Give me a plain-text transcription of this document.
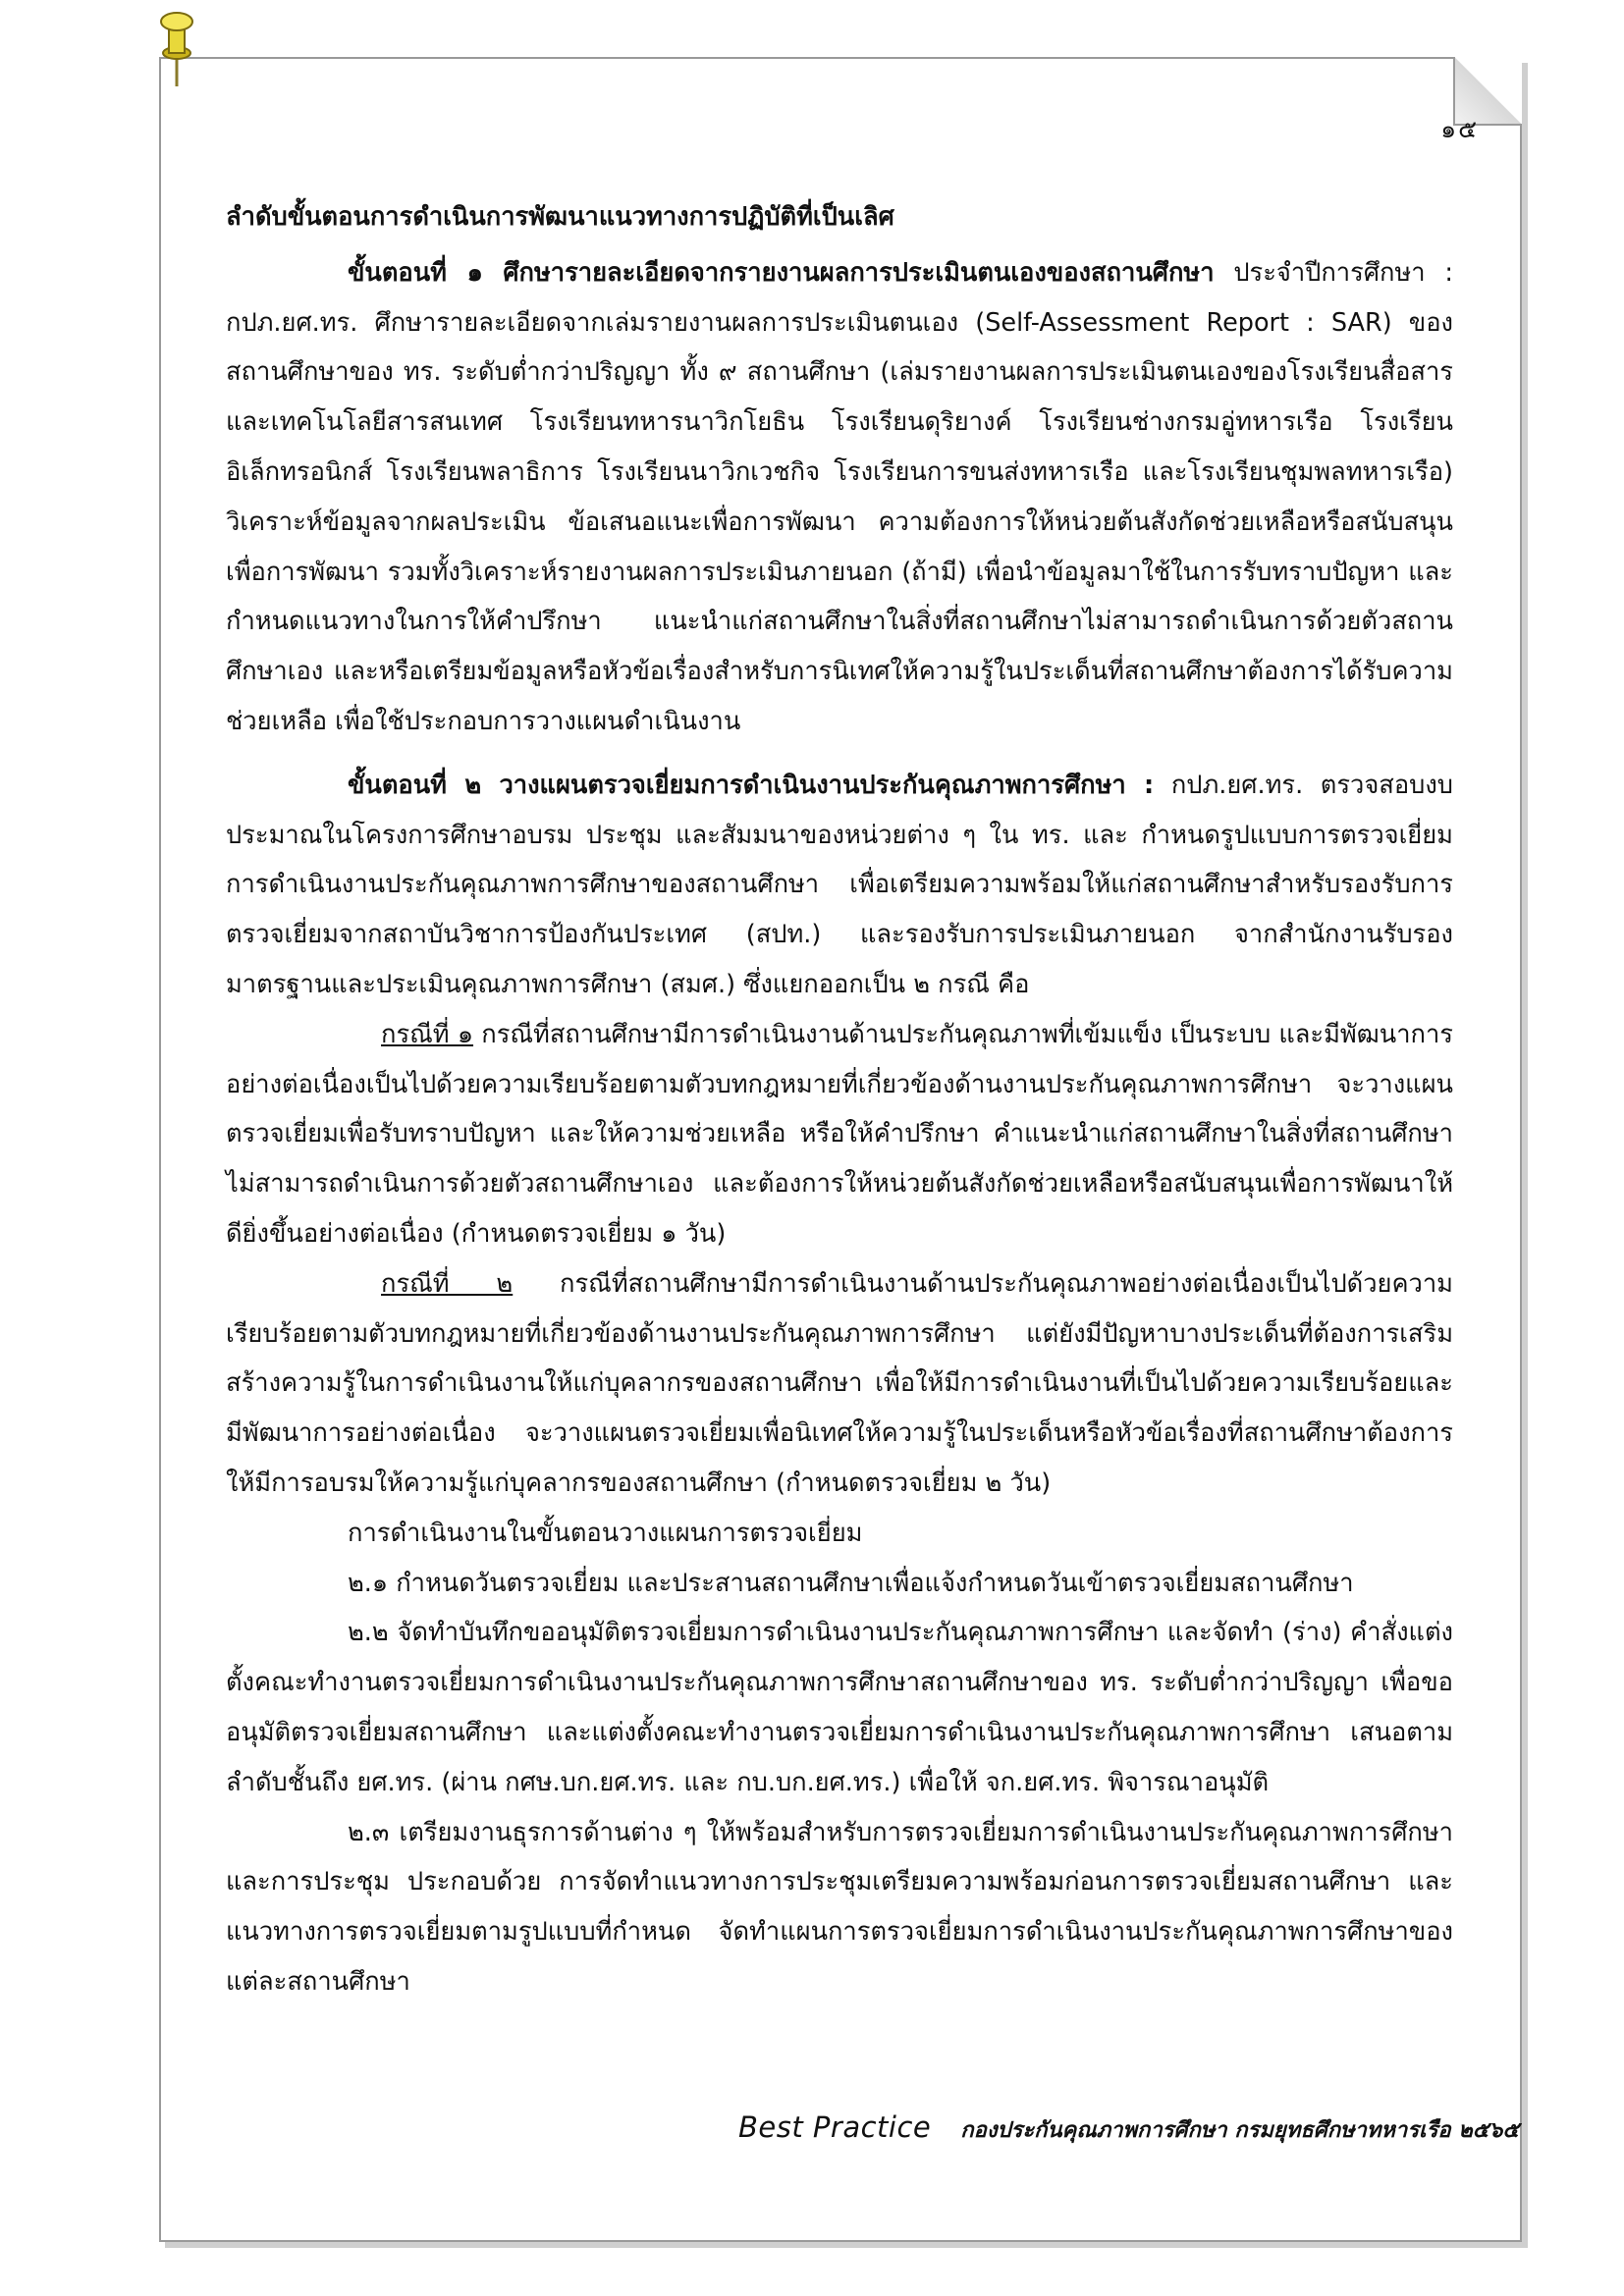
๑๕
ลำดับขั้นตอนการดำเนินการพัฒนาแนวทางการปฏิบัติที่เป็นเลิศ

ขั้นตอนที่ ๑ ศึกษารายละเอียดจากรายงานผลการประเมินตนเองของสถานศึกษา ประจำปีการศึกษา : กปภ.ยศ.ทร. ศึกษารายละเอียดจากเล่มรายงานผลการประเมินตนเอง (Self-Assessment Report : SAR) ของสถานศึกษาของ ทร. ระดับต่ำกว่าปริญญา ทั้ง ๙ สถานศึกษา (เล่มรายงานผลการประเมินตนเองของโรงเรียนสื่อสารและเทคโนโลยีสารสนเทศ โรงเรียนทหารนาวิกโยธิน โรงเรียนดุริยางค์ โรงเรียนช่างกรมอู่ทหารเรือ โรงเรียนอิเล็กทรอนิกส์ โรงเรียนพลาธิการ โรงเรียนนาวิกเวชกิจ โรงเรียนการขนส่งทหารเรือ และโรงเรียนชุมพลทหารเรือ) วิเคราะห์ข้อมูลจากผลประเมิน ข้อเสนอแนะเพื่อการพัฒนา ความต้องการให้หน่วยต้นสังกัดช่วยเหลือหรือสนับสนุนเพื่อการพัฒนา รวมทั้งวิเคราะห์รายงานผลการประเมินภายนอก (ถ้ามี) เพื่อนำข้อมูลมาใช้ในการรับทราบปัญหา และกำหนดแนวทางในการให้คำปรึกษา แนะนำแก่สถานศึกษาในสิ่งที่สถานศึกษาไม่สามารถดำเนินการด้วยตัวสถานศึกษาเอง และหรือเตรียมข้อมูลหรือหัวข้อเรื่องสำหรับการนิเทศให้ความรู้ในประเด็นที่สถานศึกษาต้องการได้รับความช่วยเหลือ เพื่อใช้ประกอบการวางแผนดำเนินงาน

ขั้นตอนที่ ๒ วางแผนตรวจเยี่ยมการดำเนินงานประกันคุณภาพการศึกษา : กปภ.ยศ.ทร. ตรวจสอบงบประมาณในโครงการศึกษาอบรม ประชุม และสัมมนาของหน่วยต่าง ๆ ใน ทร. และ กำหนดรูปแบบการตรวจเยี่ยมการดำเนินงานประกันคุณภาพการศึกษาของสถานศึกษา เพื่อเตรียมความพร้อมให้แก่สถานศึกษาสำหรับรองรับการตรวจเยี่ยมจากสถาบันวิชาการป้องกันประเทศ (สปท.) และรองรับการประเมินภายนอก จากสำนักงานรับรองมาตรฐานและประเมินคุณภาพการศึกษา (สมศ.) ซึ่งแยกออกเป็น ๒ กรณี คือ

กรณีที่ ๑ กรณีที่สถานศึกษามีการดำเนินงานด้านประกันคุณภาพที่เข้มแข็ง เป็นระบบ และมีพัฒนาการอย่างต่อเนื่องเป็นไปด้วยความเรียบร้อยตามตัวบทกฎหมายที่เกี่ยวข้องด้านงานประกันคุณภาพการศึกษา จะวางแผนตรวจเยี่ยมเพื่อรับทราบปัญหา และให้ความช่วยเหลือ หรือให้คำปรึกษา คำแนะนำแก่สถานศึกษาในสิ่งที่สถานศึกษาไม่สามารถดำเนินการด้วยตัวสถานศึกษาเอง และต้องการให้หน่วยต้นสังกัดช่วยเหลือหรือสนับสนุนเพื่อการพัฒนาให้ดียิ่งขึ้นอย่างต่อเนื่อง (กำหนดตรวจเยี่ยม ๑ วัน)

กรณีที่ ๒ กรณีที่สถานศึกษามีการดำเนินงานด้านประกันคุณภาพอย่างต่อเนื่องเป็นไปด้วยความเรียบร้อยตามตัวบทกฎหมายที่เกี่ยวข้องด้านงานประกันคุณภาพการศึกษา แต่ยังมีปัญหาบางประเด็นที่ต้องการเสริมสร้างความรู้ในการดำเนินงานให้แก่บุคลากรของสถานศึกษา เพื่อให้มีการดำเนินงานที่เป็นไปด้วยความเรียบร้อยและมีพัฒนาการอย่างต่อเนื่อง จะวางแผนตรวจเยี่ยมเพื่อนิเทศให้ความรู้ในประเด็นหรือหัวข้อเรื่องที่สถานศึกษาต้องการให้มีการอบรมให้ความรู้แก่บุคลากรของสถานศึกษา (กำหนดตรวจเยี่ยม ๒ วัน)

การดำเนินงานในขั้นตอนวางแผนการตรวจเยี่ยม

๒.๑ กำหนดวันตรวจเยี่ยม และประสานสถานศึกษาเพื่อแจ้งกำหนดวันเข้าตรวจเยี่ยมสถานศึกษา

๒.๒ จัดทำบันทึกขออนุมัติตรวจเยี่ยมการดำเนินงานประกันคุณภาพการศึกษา และจัดทำ (ร่าง) คำสั่งแต่งตั้งคณะทำงานตรวจเยี่ยมการดำเนินงานประกันคุณภาพการศึกษาสถานศึกษาของ ทร. ระดับต่ำกว่าปริญญา เพื่อขออนุมัติตรวจเยี่ยมสถานศึกษา และแต่งตั้งคณะทำงานตรวจเยี่ยมการดำเนินงานประกันคุณภาพการศึกษา เสนอตามลำดับชั้นถึง ยศ.ทร. (ผ่าน กศษ.บก.ยศ.ทร. และ กบ.บก.ยศ.ทร.) เพื่อให้ จก.ยศ.ทร. พิจารณาอนุมัติ

๒.๓ เตรียมงานธุรการด้านต่าง ๆ ให้พร้อมสำหรับการตรวจเยี่ยมการดำเนินงานประกันคุณภาพการศึกษา และการประชุม ประกอบด้วย การจัดทำแนวทางการประชุมเตรียมความพร้อมก่อนการตรวจเยี่ยมสถานศึกษา และแนวทางการตรวจเยี่ยมตามรูปแบบที่กำหนด จัดทำแผนการตรวจเยี่ยมการดำเนินงานประกันคุณภาพการศึกษาของ แต่ละสถานศึกษา

Best Practice กองประกันคุณภาพการศึกษา กรมยุทธศึกษาทหารเรือ ๒๕๖๕
